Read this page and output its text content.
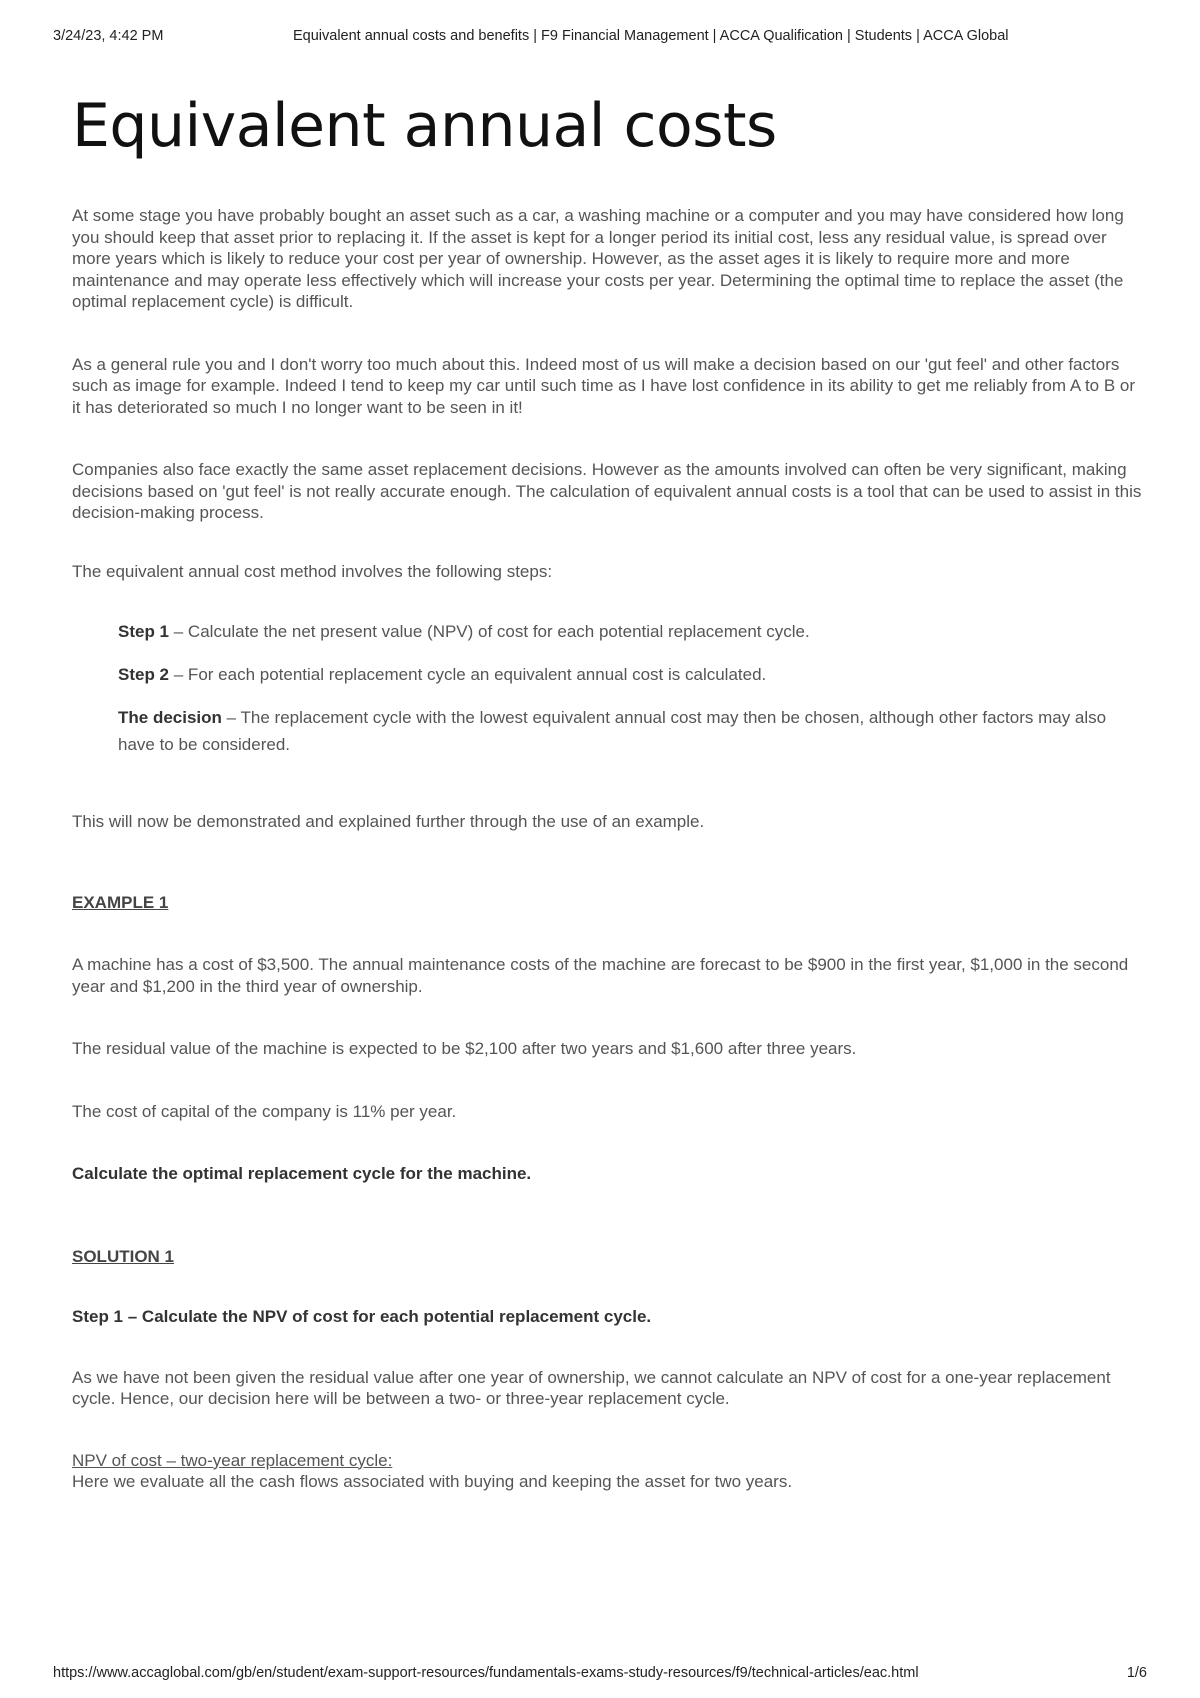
3/24/23, 4:42 PM	Equivalent annual costs and benefits | F9 Financial Management | ACCA Qualification | Students | ACCA Global
Equivalent annual costs

At some stage you have probably bought an asset such as a car, a washing machine or a computer and you may have considered how long you should keep that asset prior to replacing it. If the asset is kept for a longer period its initial cost, less any residual value, is spread over more years which is likely to reduce your cost per year of ownership. However, as the asset ages it is likely to require more and more maintenance and may operate less effectively which will increase your costs per year. Determining the optimal time to replace the asset (the optimal replacement cycle) is difficult.

As a general rule you and I don't worry too much about this. Indeed most of us will make a decision based on our 'gut feel' and other factors such as image for example. Indeed I tend to keep my car until such time as I have lost confidence in its ability to get me reliably from A to B or it has deteriorated so much I no longer want to be seen in it!

Companies also face exactly the same asset replacement decisions. However as the amounts involved can often be very significant, making decisions based on 'gut feel' is not really accurate enough. The calculation of equivalent annual costs is a tool that can be used to assist in this decision-making process.

The equivalent annual cost method involves the following steps:

Step 1 – Calculate the net present value (NPV) of cost for each potential replacement cycle.
Step 2 – For each potential replacement cycle an equivalent annual cost is calculated.
The decision – The replacement cycle with the lowest equivalent annual cost may then be chosen, although other factors may also have to be considered.

This will now be demonstrated and explained further through the use of an example.

EXAMPLE 1

A machine has a cost of $3,500. The annual maintenance costs of the machine are forecast to be $900 in the first year, $1,000 in the second year and $1,200 in the third year of ownership.

The residual value of the machine is expected to be $2,100 after two years and $1,600 after three years.

The cost of capital of the company is 11% per year.

Calculate the optimal replacement cycle for the machine.

SOLUTION 1

Step 1 – Calculate the NPV of cost for each potential replacement cycle.

As we have not been given the residual value after one year of ownership, we cannot calculate an NPV of cost for a one-year replacement cycle. Hence, our decision here will be between a two- or three-year replacement cycle.

NPV of cost – two-year replacement cycle:

Here we evaluate all the cash flows associated with buying and keeping the asset for two years.

https://www.accaglobal.com/gb/en/student/exam-support-resources/fundamentals-exams-study-resources/f9/technical-articles/eac.html	1/6
